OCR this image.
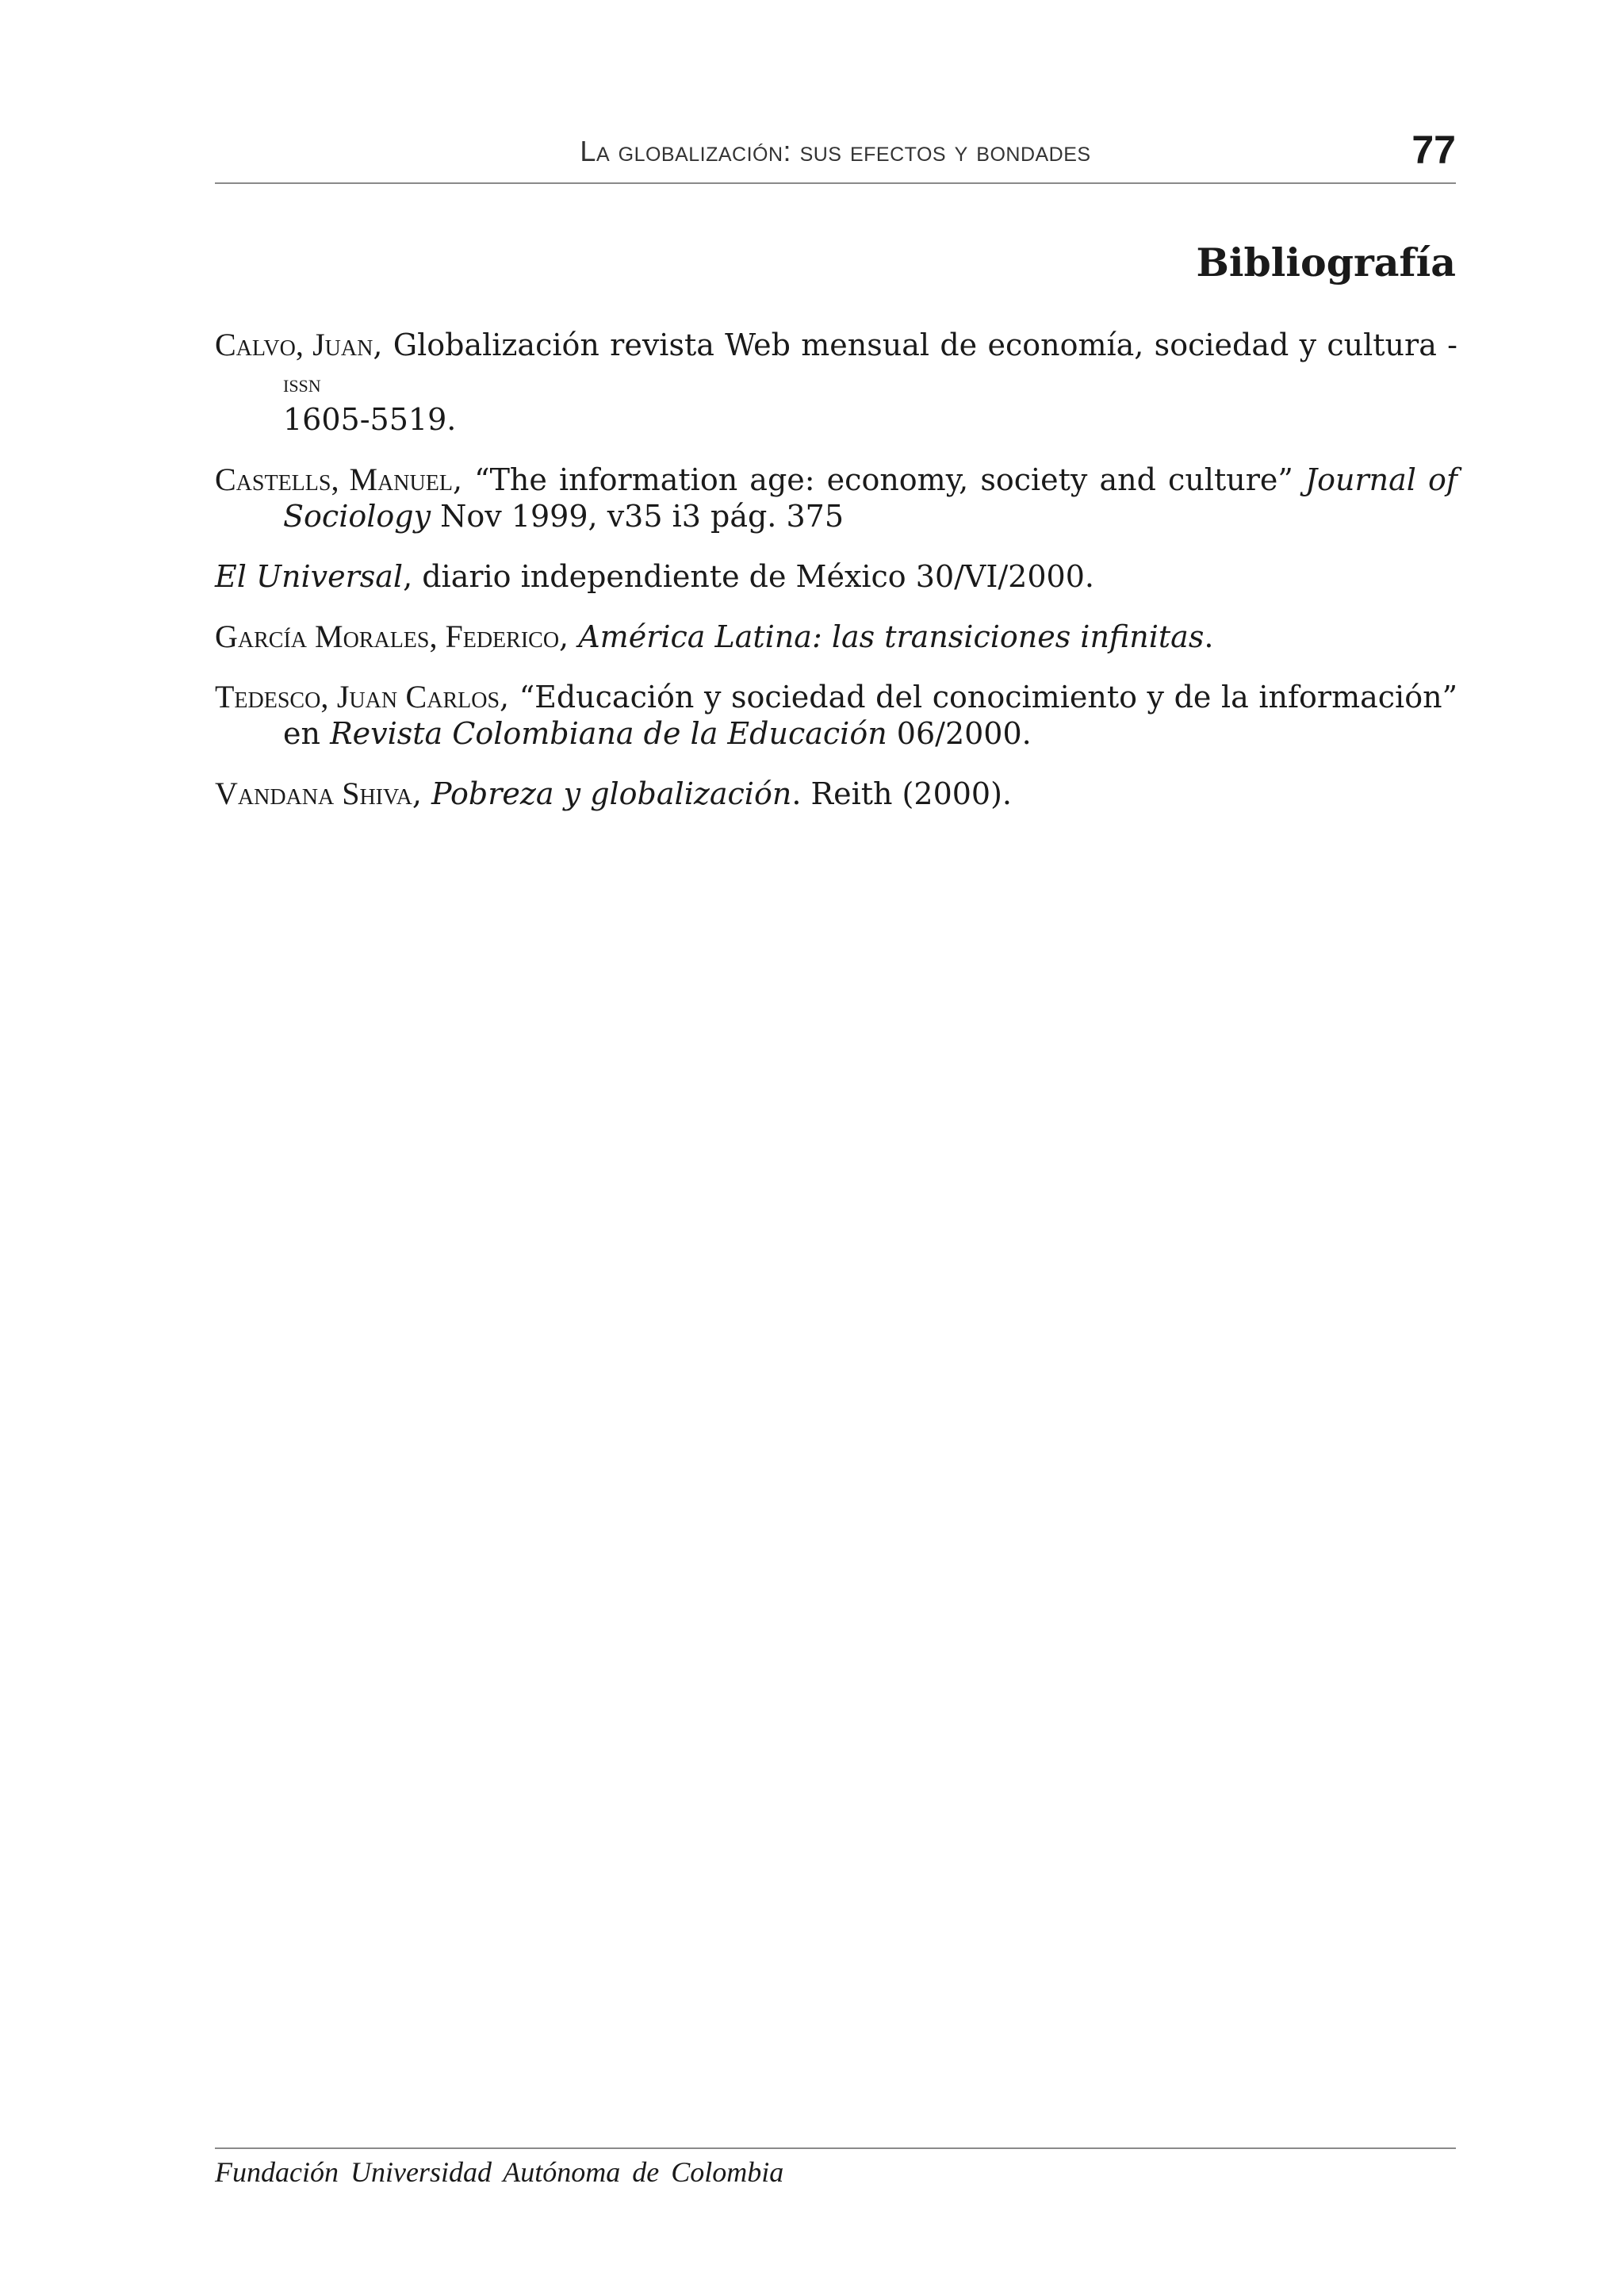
La globalización: sus efectos y bondades	77
Bibliografía

Calvo, Juan, Globalización revista Web mensual de economía, sociedad y cultura - issn
1605-5519.

Castells, Manuel, “The information age: economy, society and culture” Journal of Sociology Nov 1999, v35 i3 pág. 375

El Universal, diario independiente de México 30/VI/2000.

García Morales, Federico, América Latina: las transiciones infinitas.

Tedesco, Juan Carlos, “Educación y sociedad del conocimiento y de la información” en Revista Colombiana de la Educación 06/2000.

Vandana Shiva, Pobreza y globalización. Reith (2000).

Fundación Universidad Autónoma de Colombia
